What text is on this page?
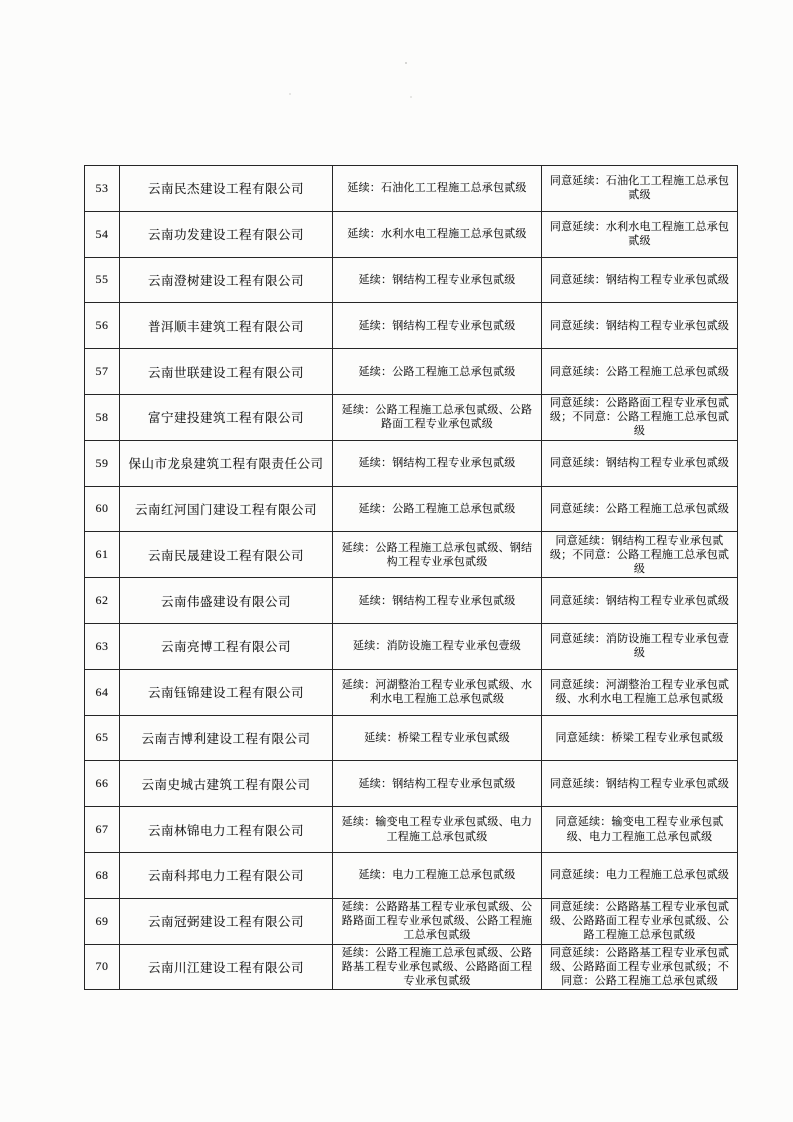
53	云南民杰建设工程有限公司	延续：石油化工工程施工总承包贰级	同意延续：石油化工工程施工总承包贰级
54	云南功发建设工程有限公司	延续：水利水电工程施工总承包贰级	同意延续：水利水电工程施工总承包贰级
55	云南澄树建设工程有限公司	延续：钢结构工程专业承包贰级	同意延续：钢结构工程专业承包贰级
56	普洱顺丰建筑工程有限公司	延续：钢结构工程专业承包贰级	同意延续：钢结构工程专业承包贰级
57	云南世联建设工程有限公司	延续：公路工程施工总承包贰级	同意延续：公路工程施工总承包贰级
58	富宁建投建筑工程有限公司	延续：公路工程施工总承包贰级、公路路面工程专业承包贰级	同意延续：公路路面工程专业承包贰级；不同意：公路工程施工总承包贰级
59	保山市龙泉建筑工程有限责任公司	延续：钢结构工程专业承包贰级	同意延续：钢结构工程专业承包贰级
60	云南红河国门建设工程有限公司	延续：公路工程施工总承包贰级	同意延续：公路工程施工总承包贰级
61	云南民晟建设工程有限公司	延续：公路工程施工总承包贰级、钢结构工程专业承包贰级	同意延续：钢结构工程专业承包贰级；不同意：公路工程施工总承包贰级
62	云南伟盛建设有限公司	延续：钢结构工程专业承包贰级	同意延续：钢结构工程专业承包贰级
63	云南亮博工程有限公司	延续：消防设施工程专业承包壹级	同意延续：消防设施工程专业承包壹级
64	云南钰锦建设工程有限公司	延续：河湖整治工程专业承包贰级、水利水电工程施工总承包贰级	同意延续：河湖整治工程专业承包贰级、水利水电工程施工总承包贰级
65	云南吉博利建设工程有限公司	延续：桥梁工程专业承包贰级	同意延续：桥梁工程专业承包贰级
66	云南史城古建筑工程有限公司	延续：钢结构工程专业承包贰级	同意延续：钢结构工程专业承包贰级
67	云南林锦电力工程有限公司	延续：输变电工程专业承包贰级、电力工程施工总承包贰级	同意延续：输变电工程专业承包贰级、电力工程施工总承包贰级
68	云南科邦电力工程有限公司	延续：电力工程施工总承包贰级	同意延续：电力工程施工总承包贰级
69	云南冠弼建设工程有限公司	延续：公路路基工程专业承包贰级、公路路面工程专业承包贰级、公路工程施工总承包贰级	同意延续：公路路基工程专业承包贰级、公路路面工程专业承包贰级、公路工程施工总承包贰级
70	云南川江建设工程有限公司	延续：公路工程施工总承包贰级、公路路基工程专业承包贰级、公路路面工程专业承包贰级	同意延续：公路路基工程专业承包贰级、公路路面工程专业承包贰级；不同意：公路工程施工总承包贰级
